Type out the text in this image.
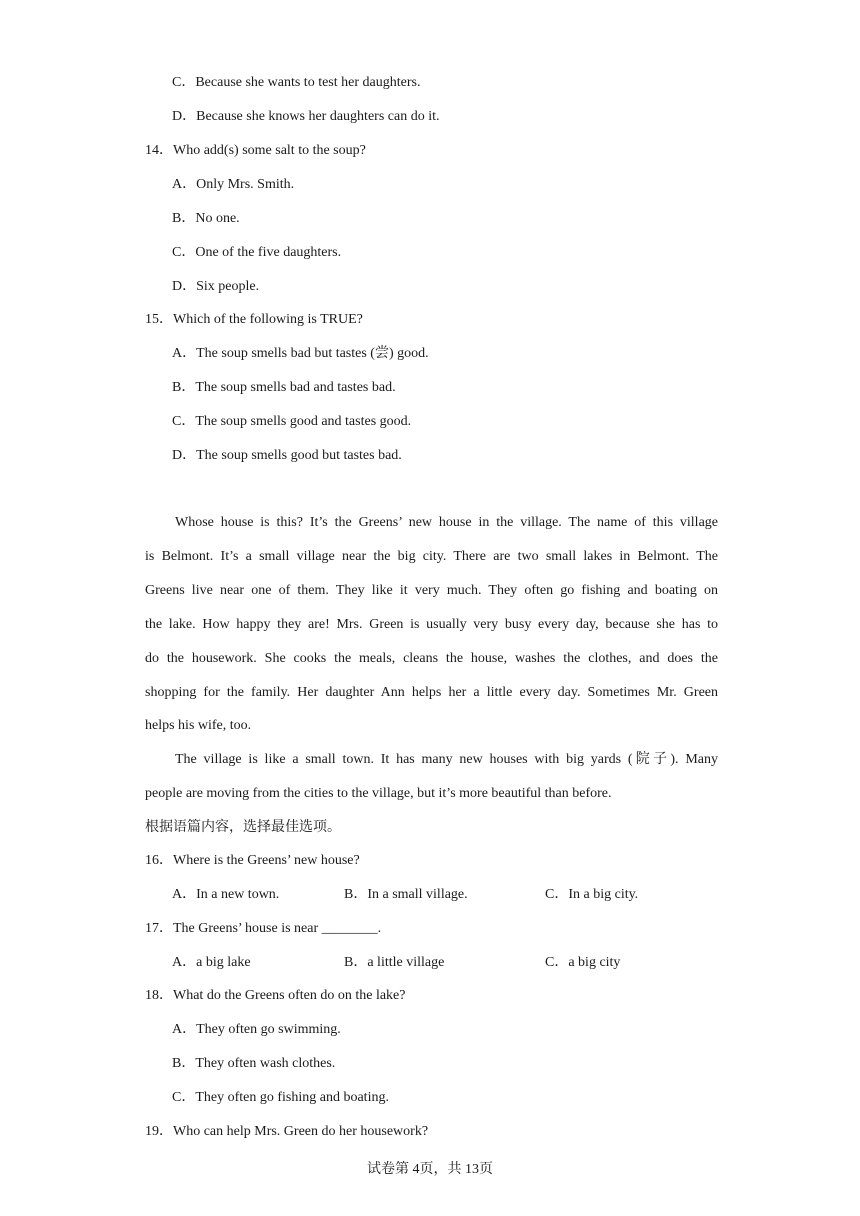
C．Because she wants to test her daughters.
D．Because she knows her daughters can do it.
14．Who add(s) some salt to the soup?
A．Only Mrs. Smith.
B．No one.
C．One of the five daughters.
D．Six people.
15．Which of the following is TRUE?
A．The soup smells bad but tastes (尝) good.
B．The soup smells bad and tastes bad.
C．The soup smells good and tastes good.
D．The soup smells good but tastes bad.
Whose house is this? It’s the Greens’ new house in the village. The name of this village
is Belmont. It’s a small village near the big city. There are two small lakes in Belmont. The
Greens live near one of them. They like it very much. They often go fishing and boating on
the lake. How happy they are! Mrs. Green is usually very busy every day, because she has to
do the housework. She cooks the meals, cleans the house, washes the clothes, and does the
shopping for the family. Her daughter Ann helps her a little every day. Sometimes Mr. Green
helps his wife, too.
The village is like a small town. It has many new houses with big yards (院子). Many
people are moving from the cities to the village, but it’s more beautiful than before.
根据语篇内容，选择最佳选项。
16．Where is the Greens’ new house?
A．In a new town.	B．In a small village.	C．In a big city.
17．The Greens’ house is near ________.
A．a big lake	B．a little village	C．a big city
18．What do the Greens often do on the lake?
A．They often go swimming.
B．They often wash clothes.
C．They often go fishing and boating.
19．Who can help Mrs. Green do her housework?
试卷第 4页，共 13页
